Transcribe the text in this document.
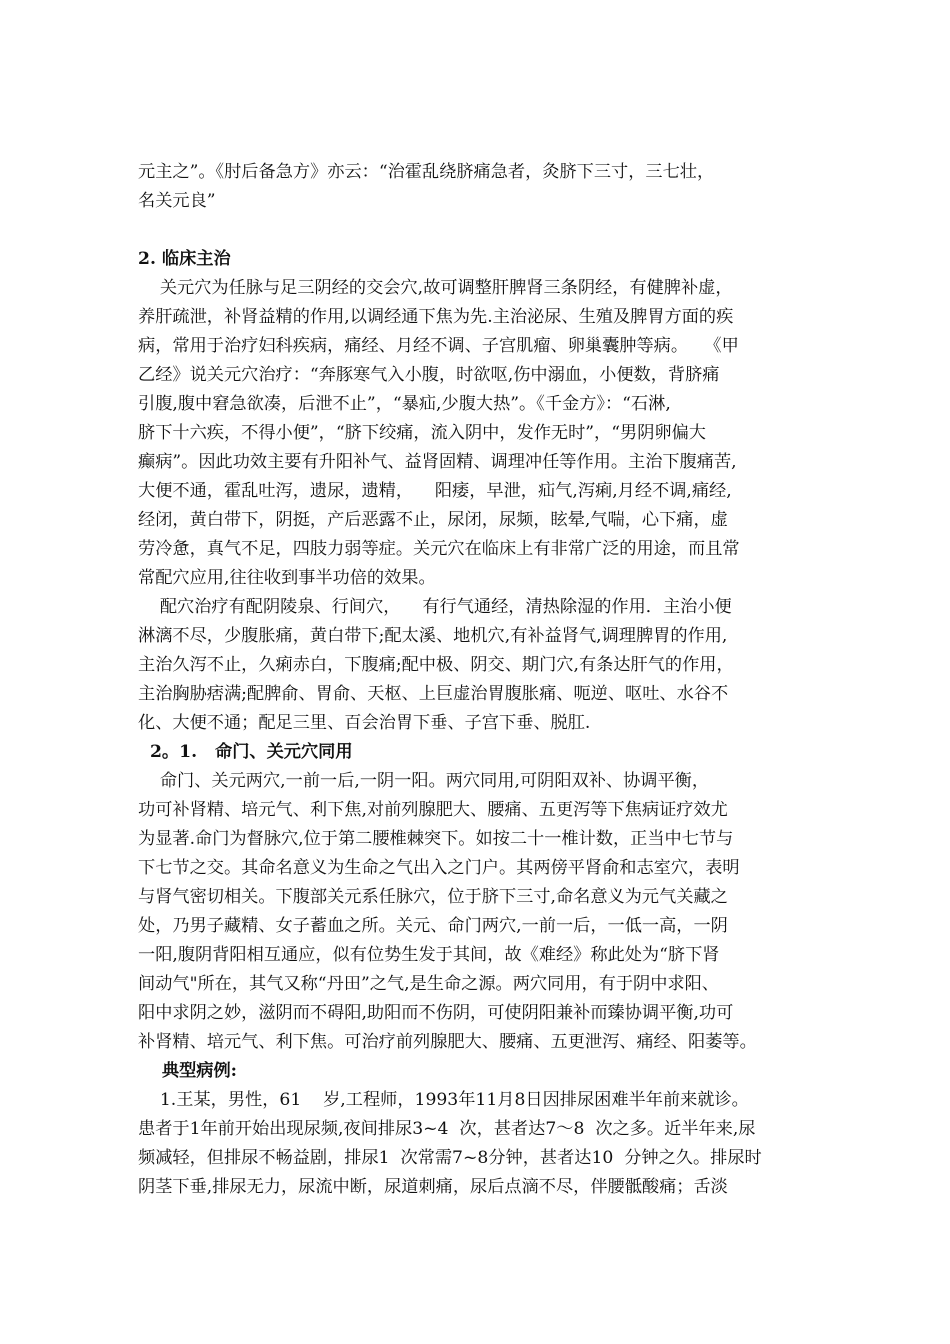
元主之”。《肘后备急方》亦云：“治霍乱绕脐痛急者，灸脐下三寸，三七壮，
名关元良”
2. 临床主治
关元穴为任脉与足三阴经的交会穴,故可调整肝脾肾三条阴经，有健脾补虚，
养肝疏泄，补肾益精的作用,以调经通下焦为先.主治泌尿、生殖及脾胃方面的疾
病，常用于治疗妇科疾病，痛经、月经不调、子宫肌瘤、卵巢囊肿等病。   《甲
乙经》说关元穴治疗：“奔豚寒气入小腹，时欲呕,伤中溺血，小便数，背脐痛
引腹,腹中窘急欲凑，后泄不止”，“暴疝,少腹大热”。《千金方》：“石淋,
脐下十六疾，不得小便”，“脐下绞痛，流入阴中，发作无时”，“男阴卵偏大
癫病”。因此功效主要有升阳补气、益肾固精、调理冲任等作用。主治下腹痛苦,
大便不通，霍乱吐泻，遗尿，遗精，    阳痿，早泄，疝气,泻痢,月经不调,痛经,
经闭，黄白带下，阴挺，产后恶露不止，尿闭，尿频，眩晕,气喘，心下痛，虚
劳冷惫，真气不足，四肢力弱等症。关元穴在临床上有非常广泛的用途，而且常
常配穴应用,往往收到事半功倍的效果。
配穴治疗有配阴陵泉、行间穴，    有行气通经，清热除湿的作用．主治小便
淋漓不尽，少腹胀痛，黄白带下;配太溪、地机穴,有补益肾气,调理脾胃的作用,
主治久泻不止，久痢赤白，下腹痛;配中极、阴交、期门穴,有条达肝气的作用，
主治胸胁痞满;配脾俞、胃俞、天枢、上巨虚治胃腹胀痛、呃逆、呕吐、水谷不
化、大便不通；配足三里、百会治胃下垂、子宫下垂、脱肛.
2。1.   命门、关元穴同用
命门、关元两穴,一前一后,一阴一阳。两穴同用,可阴阳双补、协调平衡，
功可补肾精、培元气、利下焦,对前列腺肥大、腰痛、五更泻等下焦病证疗效尤
为显著.命门为督脉穴,位于第二腰椎棘突下。如按二十一椎计数，正当中七节与
下七节之交。其命名意义为生命之气出入之门户。其两傍平肾俞和志室穴，表明
与肾气密切相关。下腹部关元系任脉穴，位于脐下三寸,命名意义为元气关藏之
处，乃男子藏精、女子蓄血之所。关元、命门两穴,一前一后，一低一高，一阴
一阳,腹阴背阳相互通应，似有位势生发于其间，故《难经》称此处为“脐下肾
间动气"所在，其气又称“丹田”之气,是生命之源。两穴同用，有于阴中求阳、
阳中求阴之妙，滋阴而不碍阳,助阳而不伤阴，可使阴阳兼补而臻协调平衡,功可
补肾精、培元气、利下焦。可治疗前列腺肥大、腰痛、五更泄泻、痛经、阳萎等。
典型病例:
1.王某，男性，61    岁,工程师，1993年11月8日因排尿困难半年前来就诊。
患者于1年前开始出现尿频,夜间排尿3~4  次，甚者达7～8  次之多。近半年来,尿
频减轻，但排尿不畅益剧，排尿1  次常需7~8分钟，甚者达10  分钟之久。排尿时
阴茎下垂,排尿无力，尿流中断，尿道刺痛，尿后点滴不尽，伴腰骶酸痛；舌淡
